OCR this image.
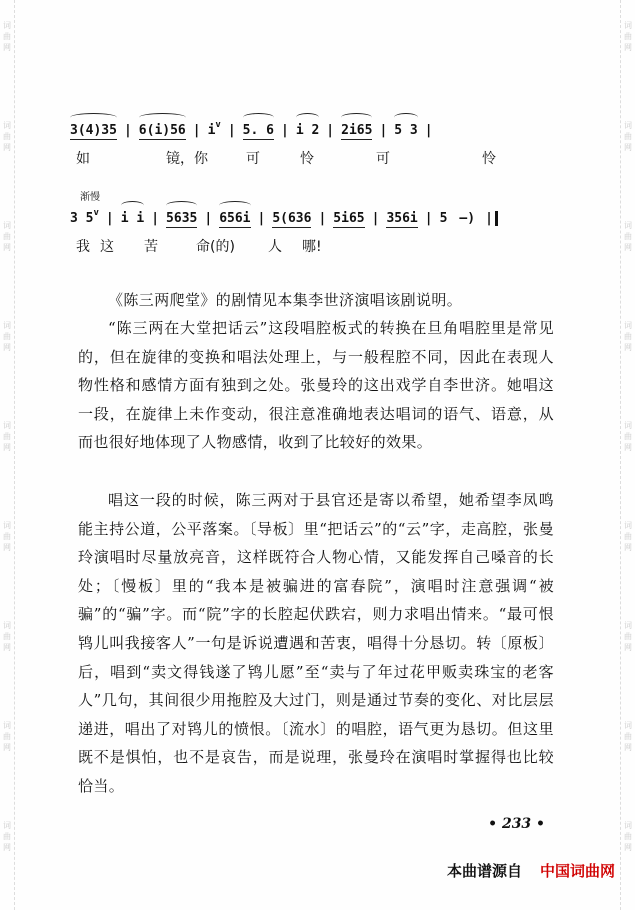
词曲网
词曲网
词曲网
词曲网
词曲网
词曲网
词曲网
词曲网
词曲网
词曲网
词曲网
词曲网
词曲网
词曲网
词曲网
词曲网
词曲网
词曲网
3(4)35 | 6(i)56 | $i^v$ | 5. 6 | i 2 | 2i65 | 5 3 |
如	镜，你	可	怜	可	怜
渐慢
3 5$^v$ | i i | 5635 | 656i | 5(636 | 5i65 | 356i | 5 –) |
我 这 苦	命(的) 人 哪!

《陈三两爬堂》的剧情见本集李世济演唱该剧说明。

“陈三两在大堂把话云”这段唱腔板式的转换在旦角唱腔里是常见的，但在旋律的变换和唱法处理上，与一般程腔不同，因此在表现人物性格和感情方面有独到之处。张曼玲的这出戏学自李世济。她唱这一段，在旋律上未作变动，很注意准确地表达唱词的语气、语意，从而也很好地体现了人物感情，收到了比较好的效果。

唱这一段的时候，陈三两对于县官还是寄以希望，她希望李凤鸣能主持公道，公平落案。〔导板〕里“把话云”的“云”字，走高腔，张曼玲演唱时尽量放亮音，这样既符合人物心情，又能发挥自己嗓音的长处；〔慢板〕里的“我本是被骗进的富春院”，演唱时注意强调“被骗”的“骗”字。而“院”字的长腔起伏跌宕，则力求唱出情来。“最可恨鸨儿叫我接客人”一句是诉说遭遇和苦衷，唱得十分恳切。转〔原板〕后，唱到“卖文得钱遂了鸨儿愿”至“卖与了年过花甲贩卖珠宝的老客人”几句，其间很少用拖腔及大过门，则是通过节奏的变化、对比层层递进，唱出了对鸨儿的愤恨。〔流水〕的唱腔，语气更为恳切。但这里既不是惧怕，也不是哀告，而是说理，张曼玲在演唱时掌握得也比较恰当。

• 233 •
本曲谱源自 中国词曲网
